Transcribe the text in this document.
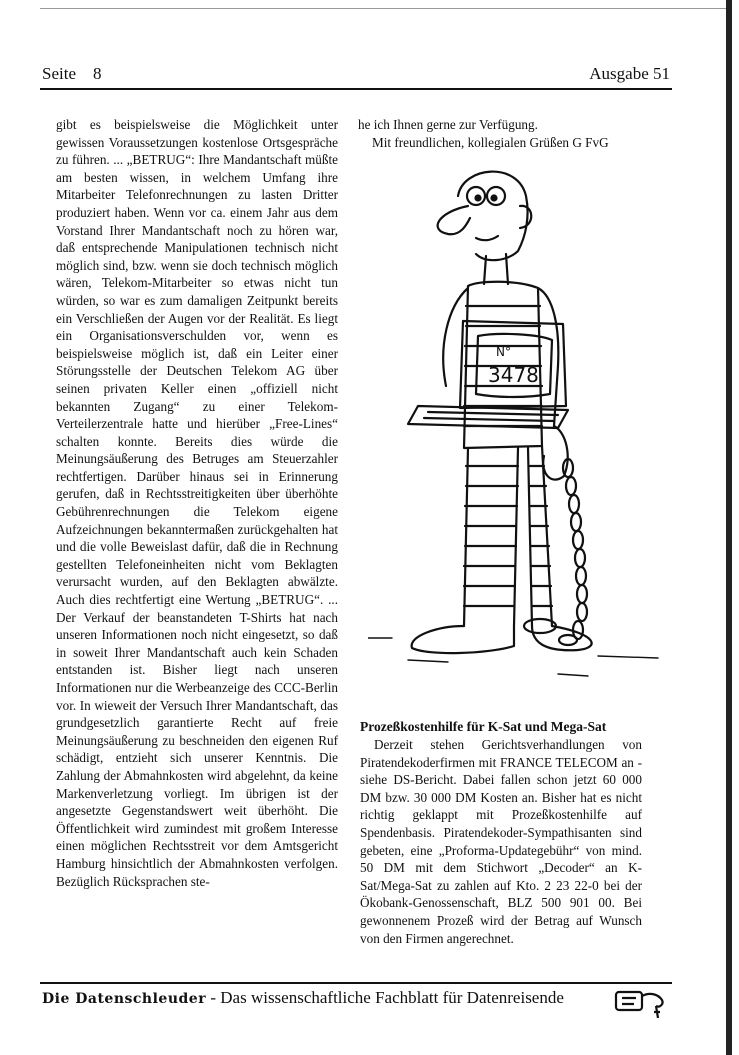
Seite    8	Ausgabe 51

gibt es beispielsweise die Möglichkeit unter gewissen Voraussetzungen kostenlose Ortsgespräche zu führen. ... „BETRUG“: Ihre Mandantschaft müßte am besten wissen, in welchem Umfang ihre Mitarbeiter Telefonrechnungen zu lasten Dritter produziert haben. Wenn vor ca. einem Jahr aus dem Vorstand Ihrer Mandantschaft noch zu hören war, daß entsprechende Manipulationen technisch nicht möglich sind, bzw. wenn sie doch technisch möglich wären, Telekom-Mitarbeiter so etwas nicht tun würden, so war es zum damaligen Zeitpunkt bereits ein Verschließen der Augen vor der Realität. Es liegt ein Organisationsverschulden vor, wenn es beispielsweise möglich ist, daß ein Leiter einer Störungsstelle der Deutschen Telekom AG über seinen privaten Keller einen „offiziell nicht bekannten Zugang“ zu einer Telekom-Verteilerzentrale hatte und hierüber „Free-Lines“ schalten konnte. Bereits dies würde die Meinungsäußerung des Betruges am Steuerzahler rechtfertigen. Darüber hinaus sei in Erinnerung gerufen, daß in Rechtsstreitigkeiten über überhöhte Gebührenrechnungen die Telekom eigene Aufzeichnungen bekanntermaßen zurückgehalten hat und die volle Beweislast dafür, daß die in Rechnung gestellten Telefoneinheiten nicht vom Beklagten verursacht wurden, auf den Beklagten abwälzte. Auch dies rechtfertigt eine Wertung „BETRUG“. ... Der Verkauf der beanstandeten T-Shirts hat nach unseren Informationen noch nicht eingesetzt, so daß in soweit Ihrer Mandantschaft auch kein Schaden entstanden ist. Bisher liegt nach unseren Informationen nur die Werbeanzeige des CCC-Berlin vor. In wieweit der Versuch Ihrer Mandantschaft, das grundgesetzlich garantierte Recht auf freie Meinungsäußerung zu beschneiden den eigenen Ruf schädigt, entzieht sich unserer Kenntnis. Die Zahlung der Abmahnkosten wird abgelehnt, da keine Markenverletzung vorliegt. Im übrigen ist der angesetzte Gegenstandswert weit überhöht. Die Öffentlichkeit wird zumindest mit großem Interesse einen möglichen Rechtsstreit vor dem Amtsgericht Hamburg hinsichtlich der Abmahnkosten verfolgen. Bezüglich Rücksprachen ste-

he ich Ihnen gerne zur Verfügung.

Mit freundlichen, kollegialen Grüßen G FvG

N°
3478
Prozeßkostenhilfe für K-Sat und Mega-Sat

Derzeit stehen Gerichtsverhandlungen von Piratendekoderfirmen mit FRANCE TELECOM an - siehe DS-Bericht. Dabei fallen schon jetzt 60 000 DM bzw. 30 000 DM Kosten an. Bisher hat es nicht richtig geklappt mit Prozeßkostenhilfe auf Spendenbasis. Piratendekoder-Sympathisanten sind gebeten, eine „Proforma-Updategebühr“ von mind. 50 DM mit dem Stichwort „Decoder“ an K-Sat/Mega-Sat zu zahlen auf Kto. 2 23 22-0 bei der Ökobank-Genossenschaft, BLZ 500 901 00. Bei gewonnenem Prozeß wird der Betrag auf Wunsch von den Firmen angerechnet.

Die Datenschleuder - Das wissenschaftliche Fachblatt für Datenreisende
